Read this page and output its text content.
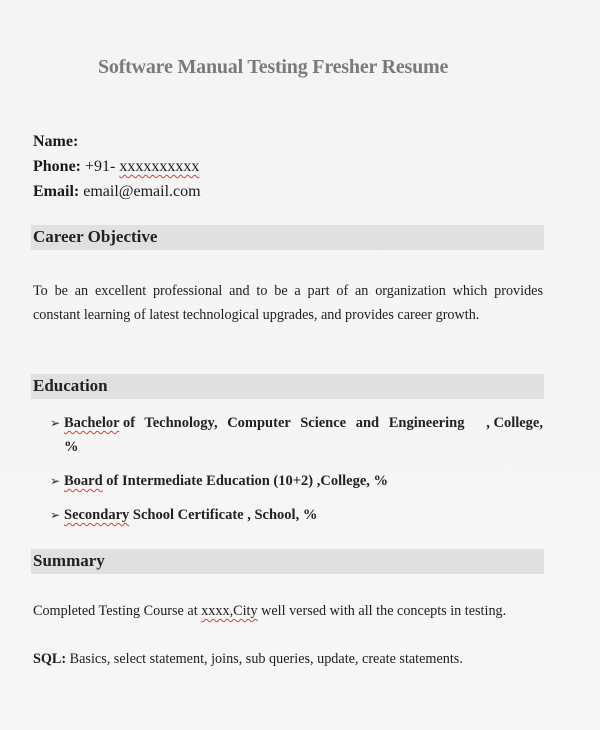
Software Manual Testing Fresher Resume
Name:
Phone: +91- xxxxxxxxxx
Email: email@email.com
Career Objective
To be an excellent professional and to be a part of an organization which provides constant learning of latest technological upgrades, and provides career growth.
Education
➢ Bachelor of Technology, Computer Science and Engineering , College,
%
➢ Board of Intermediate Education (10+2) ,College, %
➢ Secondary School Certificate , School, %
Summary
Completed Testing Course at xxxx,City well versed with all the concepts in testing.
SQL: Basics, select statement, joins, sub queries, update, create statements.
